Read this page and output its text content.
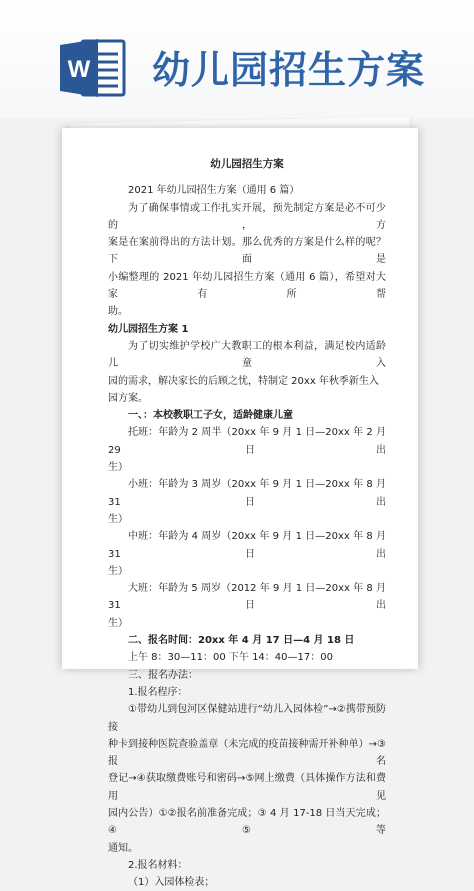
W 幼儿园招生方案

幼儿园招生方案

2021 年幼儿园招生方案（通用 6 篇）

为了确保事情或工作扎实开展，预先制定方案是必不可少的，方

案是在案前得出的方法计划。那么优秀的方案是什么样的呢？下面是

小编整理的 2021 年幼儿园招生方案（通用 6 篇），希望对大家有所帮

助。

幼儿园招生方案 1

为了切实维护学校广大教职工的根本利益，满足校内适龄儿童入

园的需求，解决家长的后顾之忧，特制定 20xx 年秋季新生入园方案。

一、：本校教职工子女，适龄健康儿童

托班：年龄为 2 周半（20xx 年 9 月 1 日—20xx 年 2 月 29 日出

生）

小班：年龄为 3 周岁（20xx 年 9 月 1 日—20xx 年 8 月 31 日出

生）

中班：年龄为 4 周岁（20xx 年 9 月 1 日—20xx 年 8 月 31 日出

生）

大班：年龄为 5 周岁（2012 年 9 月 1 日—20xx 年 8 月 31 日出

生）

二、报名时间：20xx 年 4 月 17 日—4 月 18 日

上午 8：30—11：00 下午 14：40—17：00

三、报名办法：

1.报名程序：

①带幼儿到包河区保健站进行“幼儿入园体检”→②携带预防接

种卡到接种医院查验盖章（未完成的疫苗接种需开补种单）→③报名

登记→④获取缴费账号和密码→⑤网上缴费（具体操作方法和费用见

园内公告）①②报名前准备完成；③ 4 月 17-18 日当天完成；④⑤等

通知。

2.报名材料：

（1）入园体检表；
